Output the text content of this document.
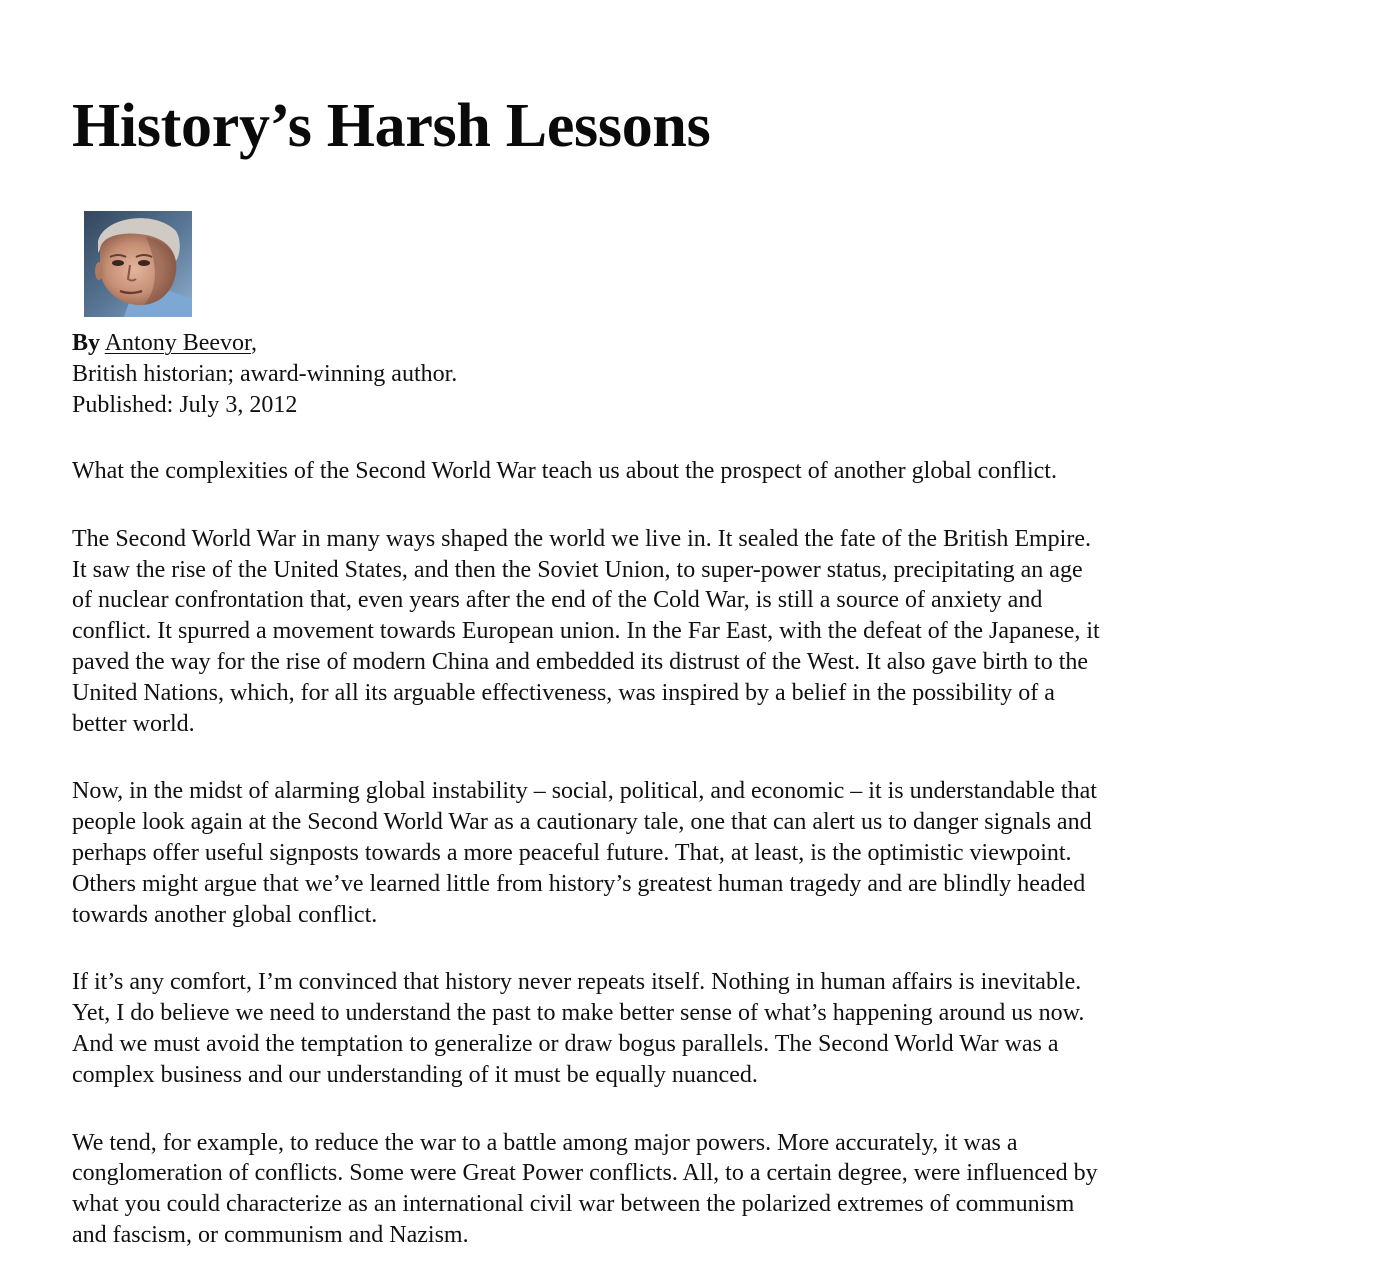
History’s Harsh Lessons
By Antony Beevor,
British historian; award-winning author.
Published: July 3, 2012

What the complexities of the Second World War teach us about the prospect of another global conflict.

The Second World War in many ways shaped the world we live in. It sealed the fate of the British Empire.
It saw the rise of the United States, and then the Soviet Union, to super-power status, precipitating an age
of nuclear confrontation that, even years after the end of the Cold War, is still a source of anxiety and
conflict. It spurred a movement towards European union. In the Far East, with the defeat of the Japanese, it
paved the way for the rise of modern China and embedded its distrust of the West. It also gave birth to the
United Nations, which, for all its arguable effectiveness, was inspired by a belief in the possibility of a
better world.

Now, in the midst of alarming global instability – social, political, and economic – it is understandable that
people look again at the Second World War as a cautionary tale, one that can alert us to danger signals and
perhaps offer useful signposts towards a more peaceful future. That, at least, is the optimistic viewpoint.
Others might argue that we’ve learned little from history’s greatest human tragedy and are blindly headed
towards another global conflict.

If it’s any comfort, I’m convinced that history never repeats itself. Nothing in human affairs is inevitable.
Yet, I do believe we need to understand the past to make better sense of what’s happening around us now.
And we must avoid the temptation to generalize or draw bogus parallels. The Second World War was a
complex business and our understanding of it must be equally nuanced.

We tend, for example, to reduce the war to a battle among major powers. More accurately, it was a
conglomeration of conflicts. Some were Great Power conflicts. All, to a certain degree, were influenced by
what you could characterize as an international civil war between the polarized extremes of communism
and fascism, or communism and Nazism.
